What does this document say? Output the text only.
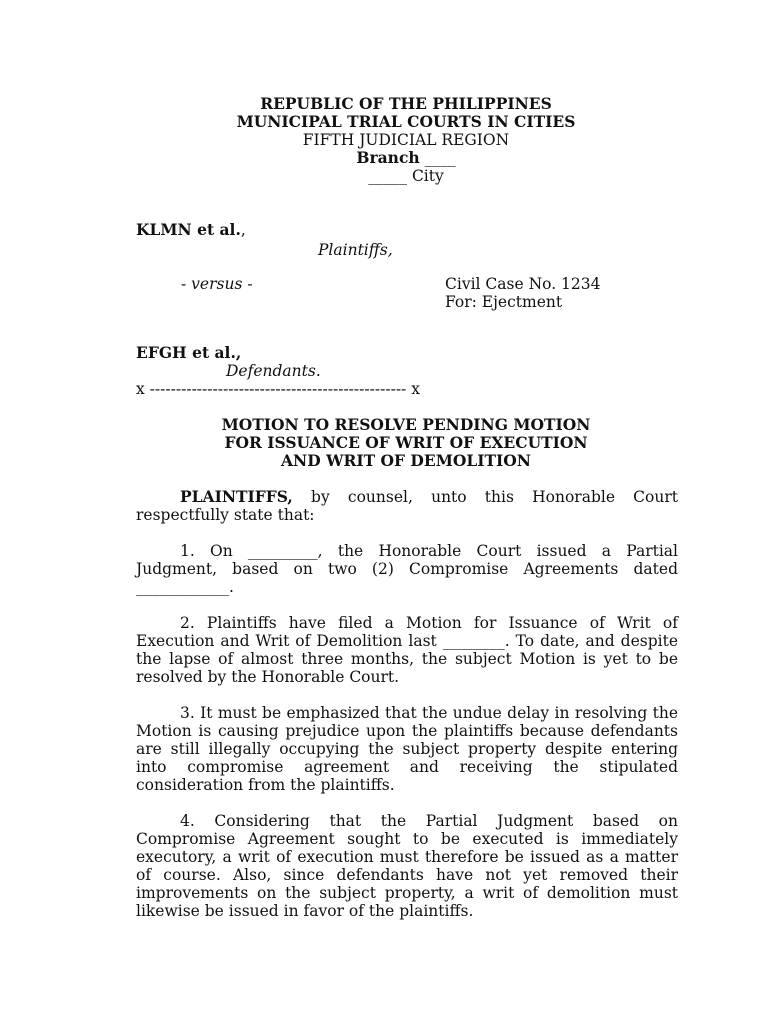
REPUBLIC OF THE PHILIPPINES
MUNICIPAL TRIAL COURTS IN CITIES
FIFTH JUDICIAL REGION
Branch ____
_____ City
KLMN et al.,
Plaintiffs,
- versus -	Civil Case No. 1234
For: Ejectment
EFGH et al.,
Defendants.
x ------------------------------------------------- x
MOTION TO RESOLVE PENDING MOTION
FOR ISSUANCE OF WRIT OF EXECUTION
AND WRIT OF DEMOLITION
PLAINTIFFS, by counsel, unto this Honorable Court respectfully state that:
1. On _________, the Honorable Court issued a Partial Judgment, based on two (2) Compromise Agreements dated ____________.
2. Plaintiffs have filed a Motion for Issuance of Writ of Execution and Writ of Demolition last ________. To date, and despite the lapse of almost three months, the subject Motion is yet to be resolved by the Honorable Court.
3. It must be emphasized that the undue delay in resolving the Motion is causing prejudice upon the plaintiffs because defendants are still illegally occupying the subject property despite entering into compromise agreement and receiving the stipulated consideration from the plaintiffs.
4. Considering that the Partial Judgment based on Compromise Agreement sought to be executed is immediately executory, a writ of execution must therefore be issued as a matter of course. Also, since defendants have not yet removed their improvements on the subject property, a writ of demolition must likewise be issued in favor of the plaintiffs.
